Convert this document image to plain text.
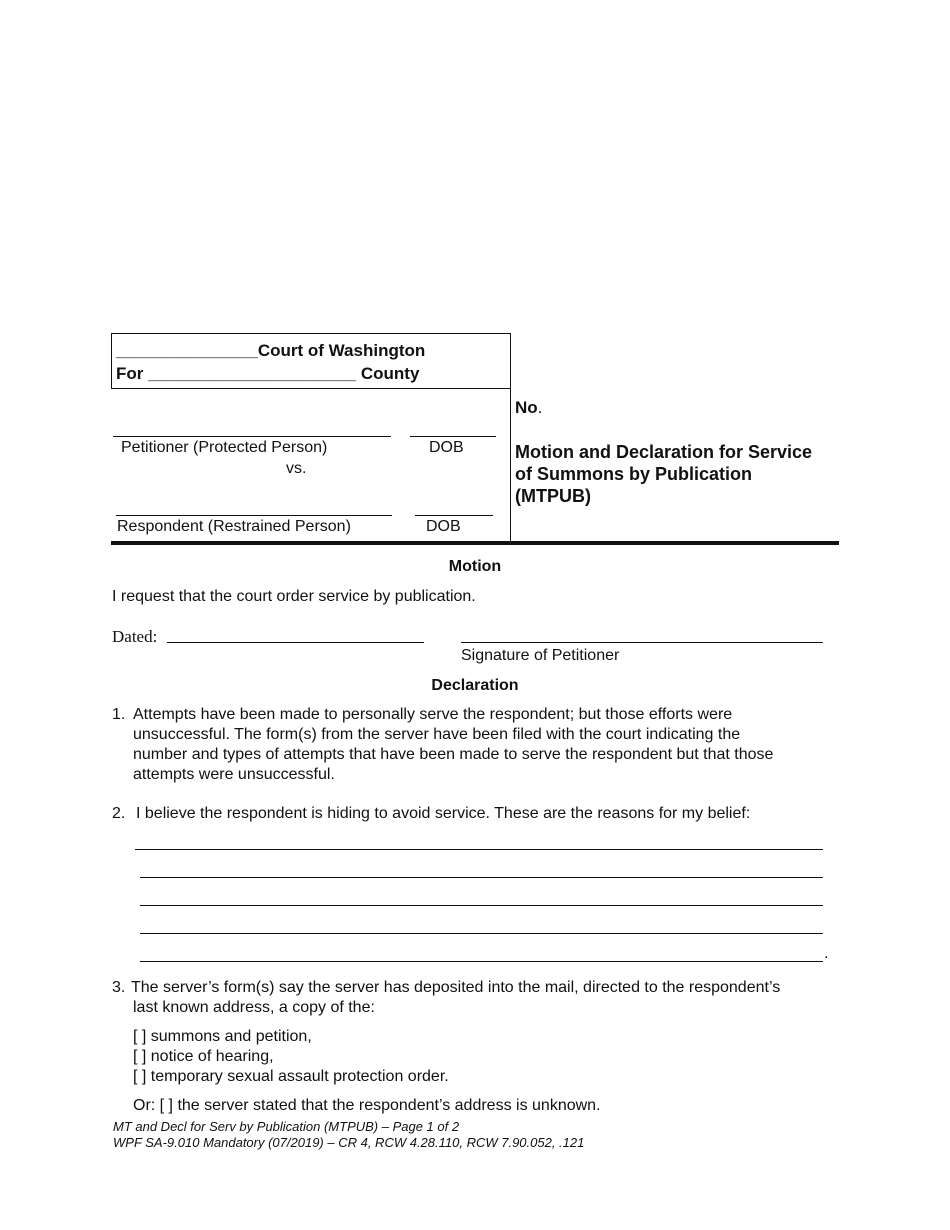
_______________Court of Washington
For ______________________ County
Petitioner (Protected Person)	DOB
vs.
Respondent (Restrained Person)	DOB
No.
Motion and Declaration for Service
of Summons by Publication
(MTPUB)
Motion
I request that the court order service by publication.
Dated:
Signature of Petitioner
Declaration
1. Attempts have been made to personally serve the respondent; but those efforts were
unsuccessful. The form(s) from the server have been filed with the court indicating the
number and types of attempts that have been made to serve the respondent but that those
attempts were unsuccessful.
2. I believe the respondent is hiding to avoid service. These are the reasons for my belief:
.
3. The server’s form(s) say the server has deposited into the mail, directed to the respondent’s
last known address, a copy of the:
[ ] summons and petition,
[ ] notice of hearing,
[ ] temporary sexual assault protection order.
Or: [ ] the server stated that the respondent’s address is unknown.
MT and Decl for Serv by Publication (MTPUB) – Page 1 of 2
WPF SA-9.010 Mandatory (07/2019) – CR 4, RCW 4.28.110, RCW 7.90.052, .121
